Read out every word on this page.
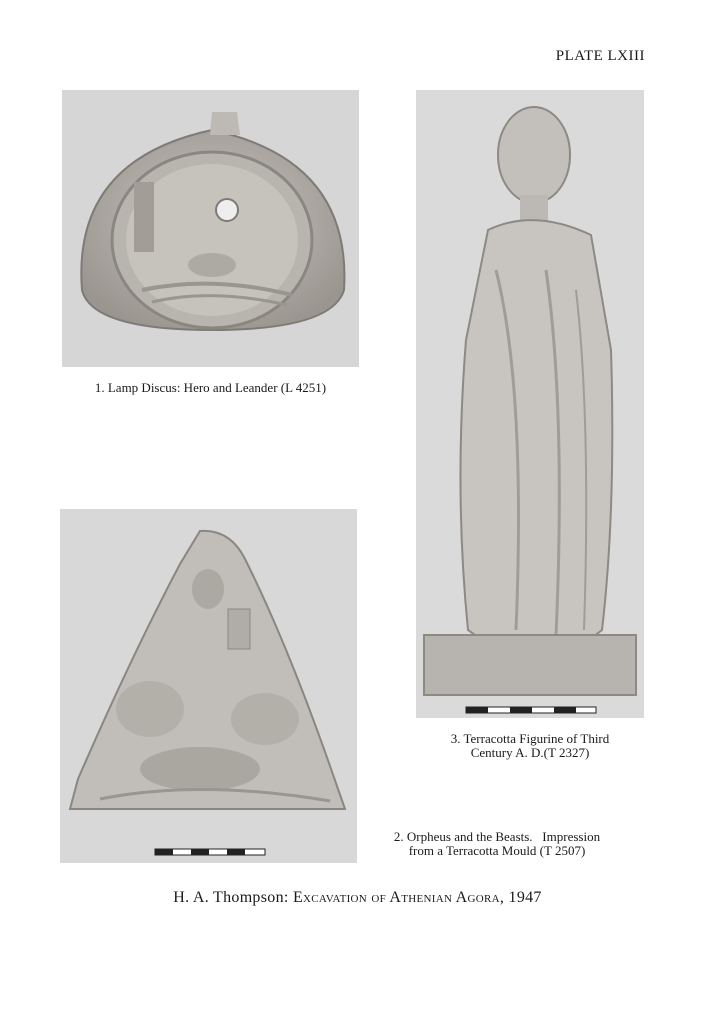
PLATE LXIII
1. Lamp Discus: Hero and Leander (L 4251)
3. Terracotta Figurine of Third
Century A. D.(T 2327)
2. Orpheus and the Beasts.   Impression
from a Terracotta Mould (T 2507)
H. A. Thompson: Excavation of Athenian Agora, 1947
